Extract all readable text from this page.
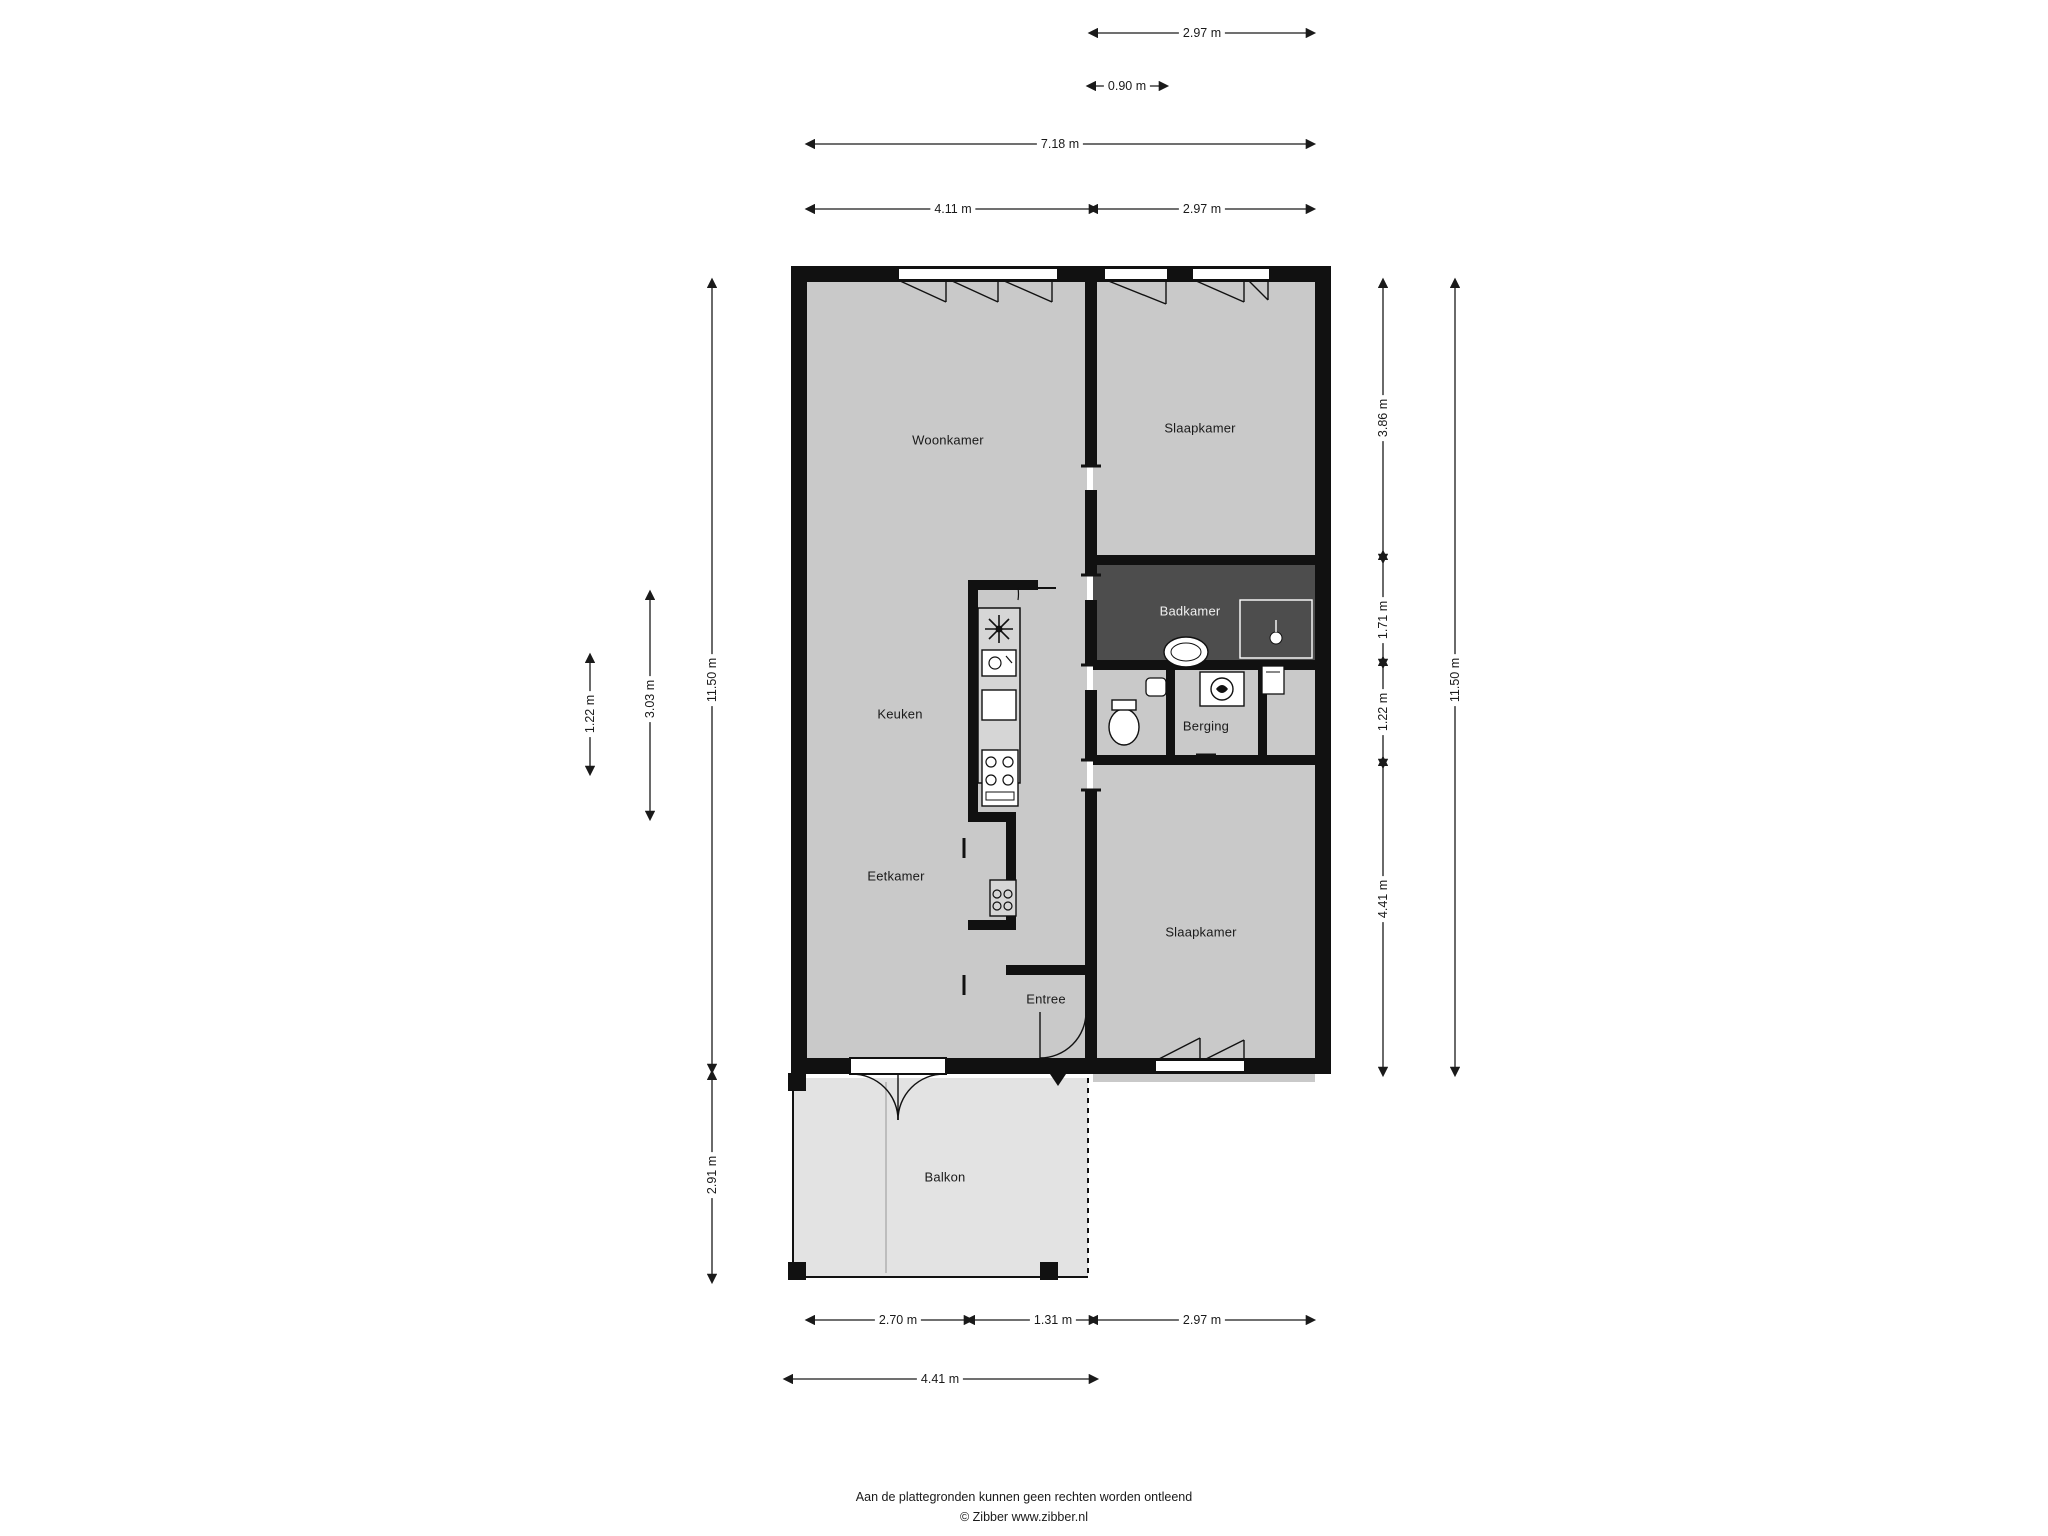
Woonkamer
Keuken
Eetkamer
Entree
Slaapkamer
Badkamer
Berging
Slaapkamer
Balkon
2.97 m
0.90 m
7.18 m
4.11 m	2.97 m
1.22 m	3.03 m	11.50 m
2.91 m
3.86 m
1.71 m
1.22 m
4.41 m
11.50 m
2.70 m	1.31 m	2.97 m
4.41 m
Aan de plattegronden kunnen geen rechten worden ontleend
© Zibber www.zibber.nl
